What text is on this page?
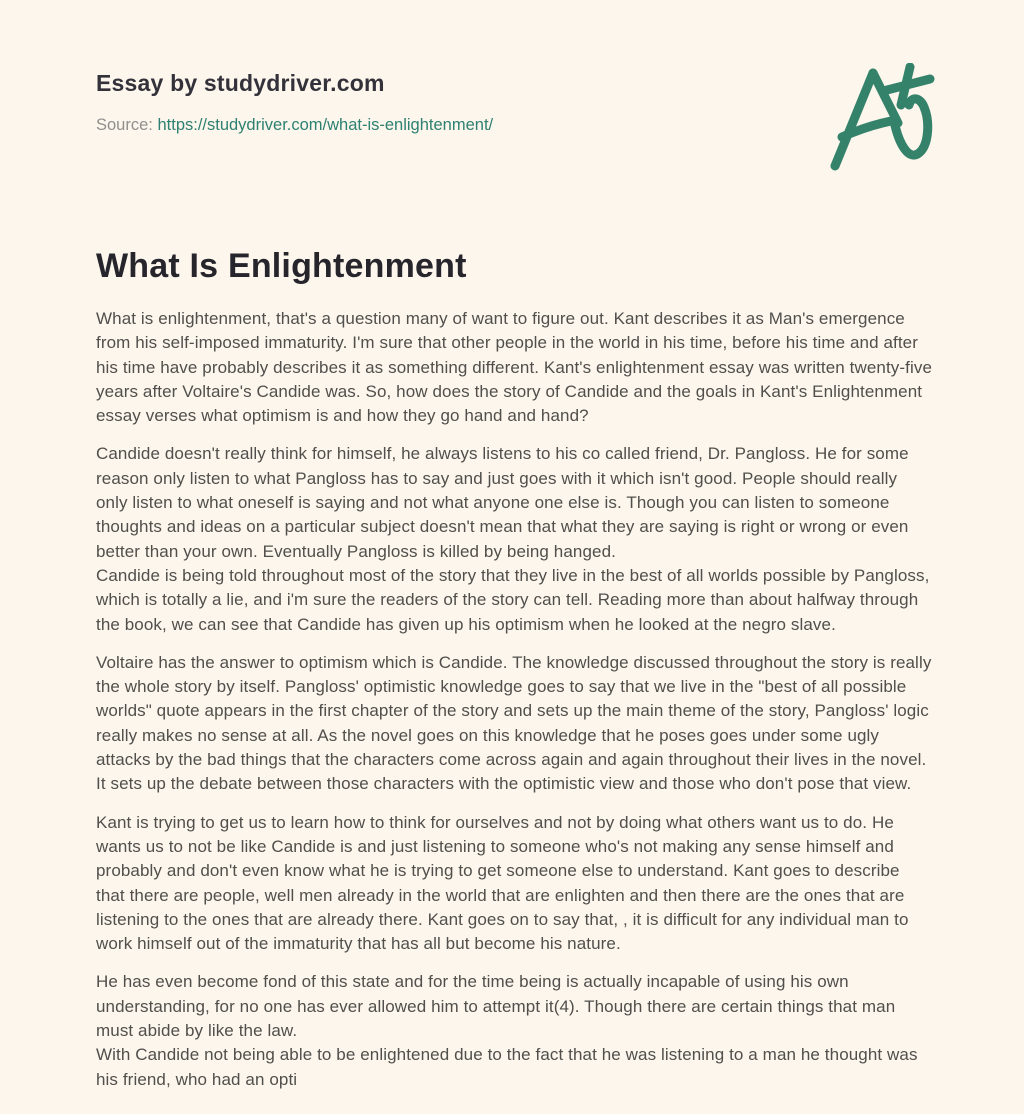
Essay by studydriver.com
Source: https://studydriver.com/what-is-enlightenment/
What Is Enlightenment

What is enlightenment, that's a question many of want to figure out. Kant describes it as Man's emergence from his self-imposed immaturity. I'm sure that other people in the world in his time, before his time and after his time have probably describes it as something different. Kant's enlightenment essay was written twenty-five years after Voltaire's Candide was. So, how does the story of Candide and the goals in Kant's Enlightenment essay verses what optimism is and how they go hand and hand?

Candide doesn't really think for himself, he always listens to his co called friend, Dr. Pangloss. He for some reason only listen to what Pangloss has to say and just goes with it which isn't good. People should really only listen to what oneself is saying and not what anyone one else is. Though you can listen to someone thoughts and ideas on a particular subject doesn't mean that what they are saying is right or wrong or even better than your own. Eventually Pangloss is killed by being hanged.
Candide is being told throughout most of the story that they live in the best of all worlds possible by Pangloss, which is totally a lie, and i'm sure the readers of the story can tell. Reading more than about halfway through the book, we can see that Candide has given up his optimism when he looked at the negro slave.

Voltaire has the answer to optimism which is Candide. The knowledge discussed throughout the story is really the whole story by itself. Pangloss' optimistic knowledge goes to say that we live in the "best of all possible worlds" quote appears in the first chapter of the story and sets up the main theme of the story, Pangloss' logic really makes no sense at all. As the novel goes on this knowledge that he poses goes under some ugly attacks by the bad things that the characters come across again and again throughout their lives in the novel. It sets up the debate between those characters with the optimistic view and those who don't pose that view.

Kant is trying to get us to learn how to think for ourselves and not by doing what others want us to do. He wants us to not be like Candide is and just listening to someone who's not making any sense himself and probably and don't even know what he is trying to get someone else to understand. Kant goes to describe that there are people, well men already in the world that are enlighten and then there are the ones that are listening to the ones that are already there. Kant goes on to say that, , it is difficult for any individual man to work himself out of the immaturity that has all but become his nature.

He has even become fond of this state and for the time being is actually incapable of using his own understanding, for no one has ever allowed him to attempt it(4). Though there are certain things that man must abide by like the law.
With Candide not being able to be enlightened due to the fact that he was listening to a man he thought was his friend, who had an opti
